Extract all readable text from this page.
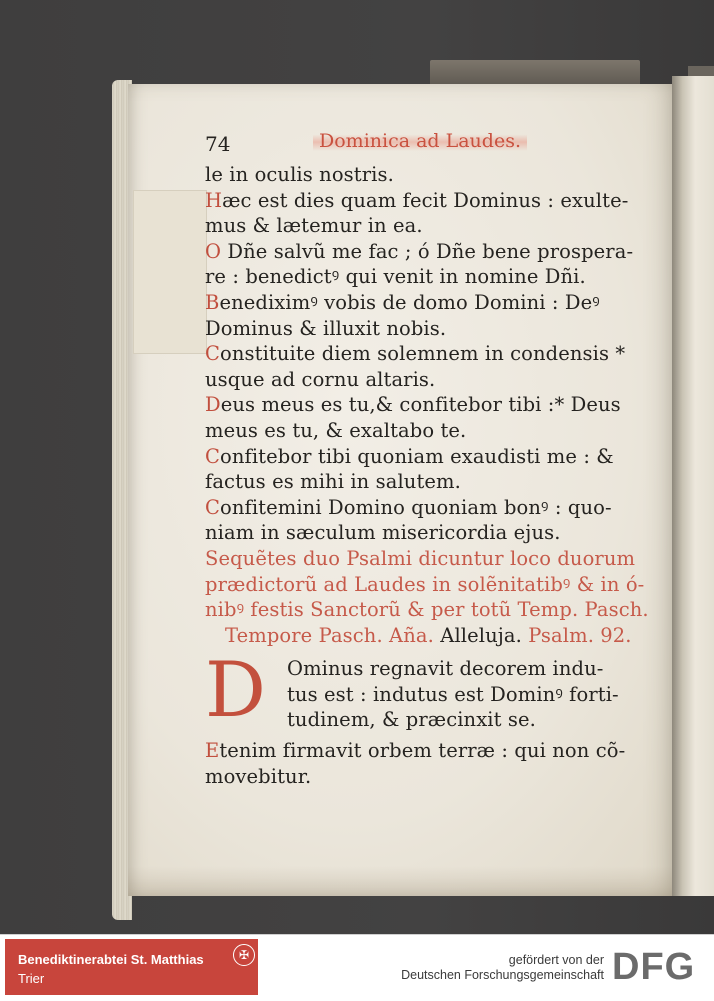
74	Dominica ad Laudes.
le in oculis nostris.
Hæc est dies quam fecit Dominus : exulte-
mus & lætemur in ea.
O Dñe salvũ me fac ; ó Dñe bene prospera-
re : benedictꝰ qui venit in nomine Dñi.
Benediximꝰ vobis de domo Domini : Deꝰ
Dominus & illuxit nobis.
Constituite diem solemnem in condensis *
usque ad cornu altaris.
Deus meus es tu,& confitebor tibi :* Deus
meus es tu, & exaltabo te.
Confitebor tibi quoniam exaudisti me : &
factus es mihi in salutem.
Confitemini Domino quoniam bonꝰ : quo-
niam in sæculum misericordia ejus.
Sequẽtes duo Psalmi dicuntur loco duorum
prædictorũ ad Laudes in solẽnitatibꝰ & in ó-
nibꝰ festis Sanctorũ & per totũ Temp. Pasch.
Tempore Pasch. Aña. Alleluja. Psalm. 92.
D	Ominus regnavit decorem indu-
tus est : indutus est Dominꝰ forti-
tudinem, & præcinxit se.
Etenim firmavit orbem terræ : qui non cõ-
movebitur.
Benediktinerabtei St. Matthias
Trier
✠	gefördert von der
Deutschen Forschungsgemeinschaft DFG
